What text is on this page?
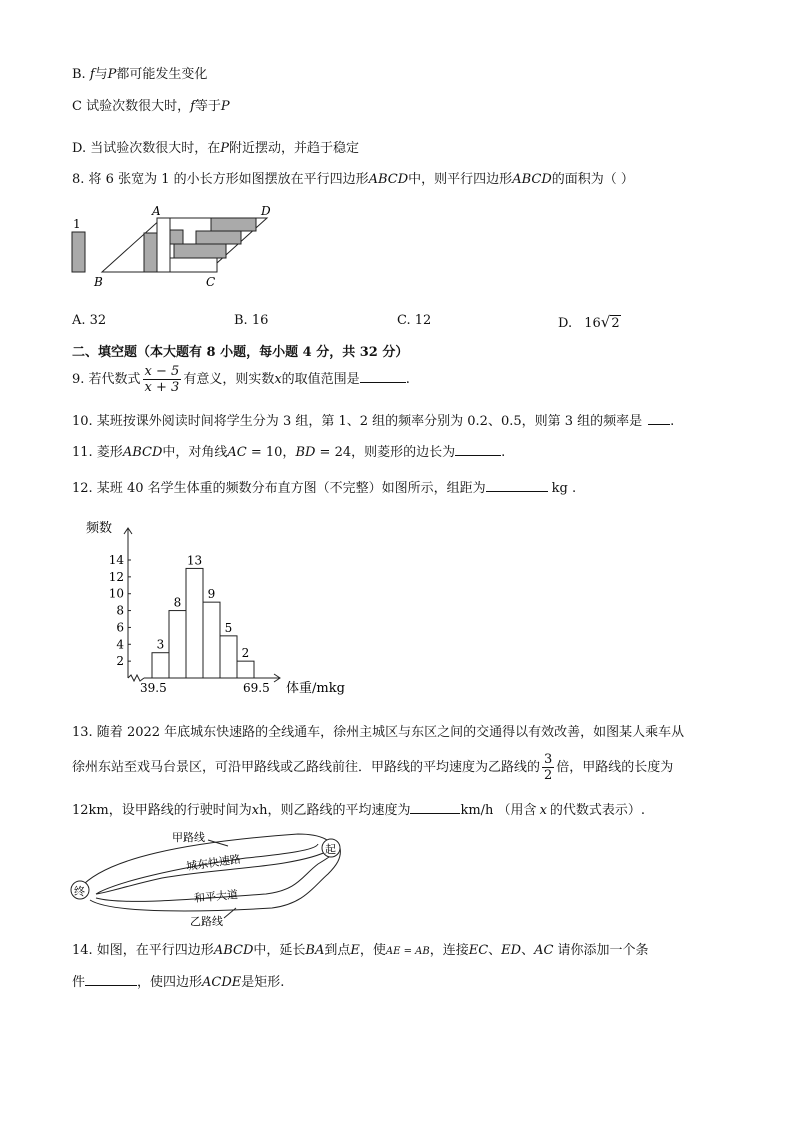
B. f与P都可能发生变化
C 试验次数很大时，f等于P
D. 当试验次数很大时，在P附近摆动，并趋于稳定
8. 将 6 张宽为 1 的小长方形如图摆放在平行四边形ABCD中，则平行四边形ABCD的面积为（ ）
1
A	D
B	C
A. 32	B. 16	C. 12	D. 16√2
二、填空题（本大题有 8 小题，每小题 4 分，共 32 分）
9. 若代数式 $\frac{x - 5}{x + 3}$ 有意义，则实数x的取值范围是	.
10. 某班按课外阅读时间将学生分为 3 组，第 1、2 组的频率分别为 0.2、0.5，则第 3 组的频率是 .
11. 菱形ABCD中，对角线AC = 10，BD = 24，则菱形的边长为	.
12. 某班 40 名学生体重的频数分布直方图（不完整）如图所示，组距为	kg .
2
4
6
8
10
12
14
3
8
13
9
5
2
频数
体重/mkg
39.5	69.5
13. 随着 2022 年底城东快速路的全线通车，徐州主城区与东区之间的交通得以有效改善，如图某人乘车从
徐州东站至戏马台景区，可沿甲路线或乙路线前往．甲路线的平均速度为乙路线的 $\frac{3}{2}$ 倍，甲路线的长度为
12km，设甲路线的行驶时间为xh，则乙路线的平均速度为	km/h （用含 x 的代数式表示）.
终
起
甲路线
城东快速路
和平大道
乙路线
14. 如图，在平行四边形ABCD中，延长BA到点E，使AE = AB，连接EC、ED、AC 请你添加一个条
件	，使四边形ACDE是矩形.
